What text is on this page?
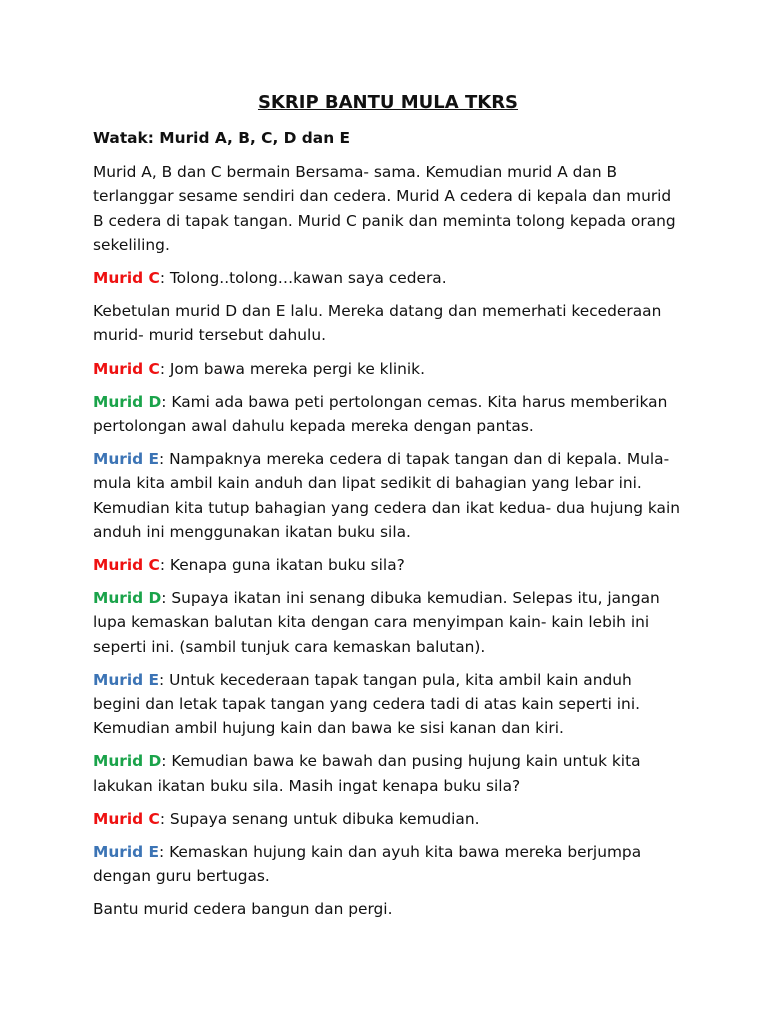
SKRIP BANTU MULA TKRS
Watak: Murid A, B, C, D dan E
Murid A, B dan C bermain Bersama- sama. Kemudian murid A dan B terlanggar sesame sendiri dan cedera. Murid A cedera di kepala dan murid B cedera di tapak tangan. Murid C panik dan meminta tolong kepada orang sekeliling.
Murid C: Tolong..tolong…kawan saya cedera.
Kebetulan murid D dan E lalu. Mereka datang dan memerhati kecederaan murid- murid tersebut dahulu.
Murid C: Jom bawa mereka pergi ke klinik.
Murid D: Kami ada bawa peti pertolongan cemas. Kita harus memberikan pertolongan awal dahulu kepada mereka dengan pantas.
Murid E: Nampaknya mereka cedera di tapak tangan dan di kepala. Mula- mula kita ambil kain anduh dan lipat sedikit di bahagian yang lebar ini. Kemudian kita tutup bahagian yang cedera dan ikat kedua- dua hujung kain anduh ini menggunakan ikatan buku sila.
Murid C: Kenapa guna ikatan buku sila?
Murid D: Supaya ikatan ini senang dibuka kemudian. Selepas itu, jangan lupa kemaskan balutan kita dengan cara menyimpan kain- kain lebih ini seperti ini. (sambil tunjuk cara kemaskan balutan).
Murid E: Untuk kecederaan tapak tangan pula, kita ambil kain anduh begini dan letak tapak tangan yang cedera tadi di atas kain seperti ini. Kemudian ambil hujung kain dan bawa ke sisi kanan dan kiri.
Murid D: Kemudian bawa ke bawah dan pusing hujung kain untuk kita lakukan ikatan buku sila. Masih ingat kenapa buku sila?
Murid C: Supaya senang untuk dibuka kemudian.
Murid E: Kemaskan hujung kain dan ayuh kita bawa mereka berjumpa dengan guru bertugas.
Bantu murid cedera bangun dan pergi.
